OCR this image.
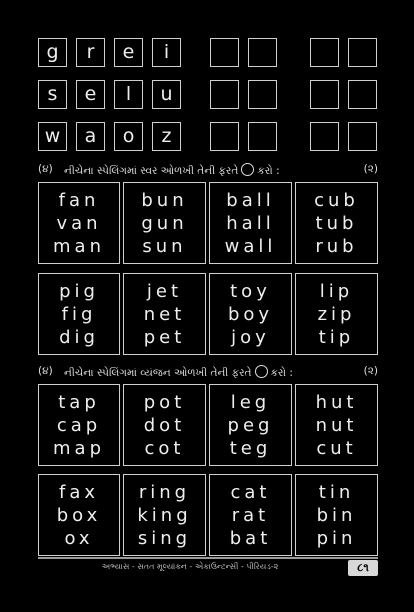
g	r	e	i
s	e	l	u
w	a	o	z
(૪) નીચેના સ્પેલિંગમાં સ્વર ઓળખી તેની ફરતે કરો :	(૨)
fan
van
man
bun
gun
sun
ball
hall
wall
cub
tub
rub
pig
fig
dig
jet
net
pet
toy
boy
joy
lip
zip
tip
(૪) નીચેના સ્પેલિંગમાં વ્યંજન ઓળખી તેની ફરતે કરો :	(૨)
tap
cap
map
pot
dot
cot
leg
peg
teg
hut
nut
cut
fax
box
ox
ring
king
sing
cat
rat
bat
tin
bin
pin
અભ્યાસ - સતત મૂલ્યાંકન - એકાઉન્ટન્સી - પીરિયડ-૨	૮૧
